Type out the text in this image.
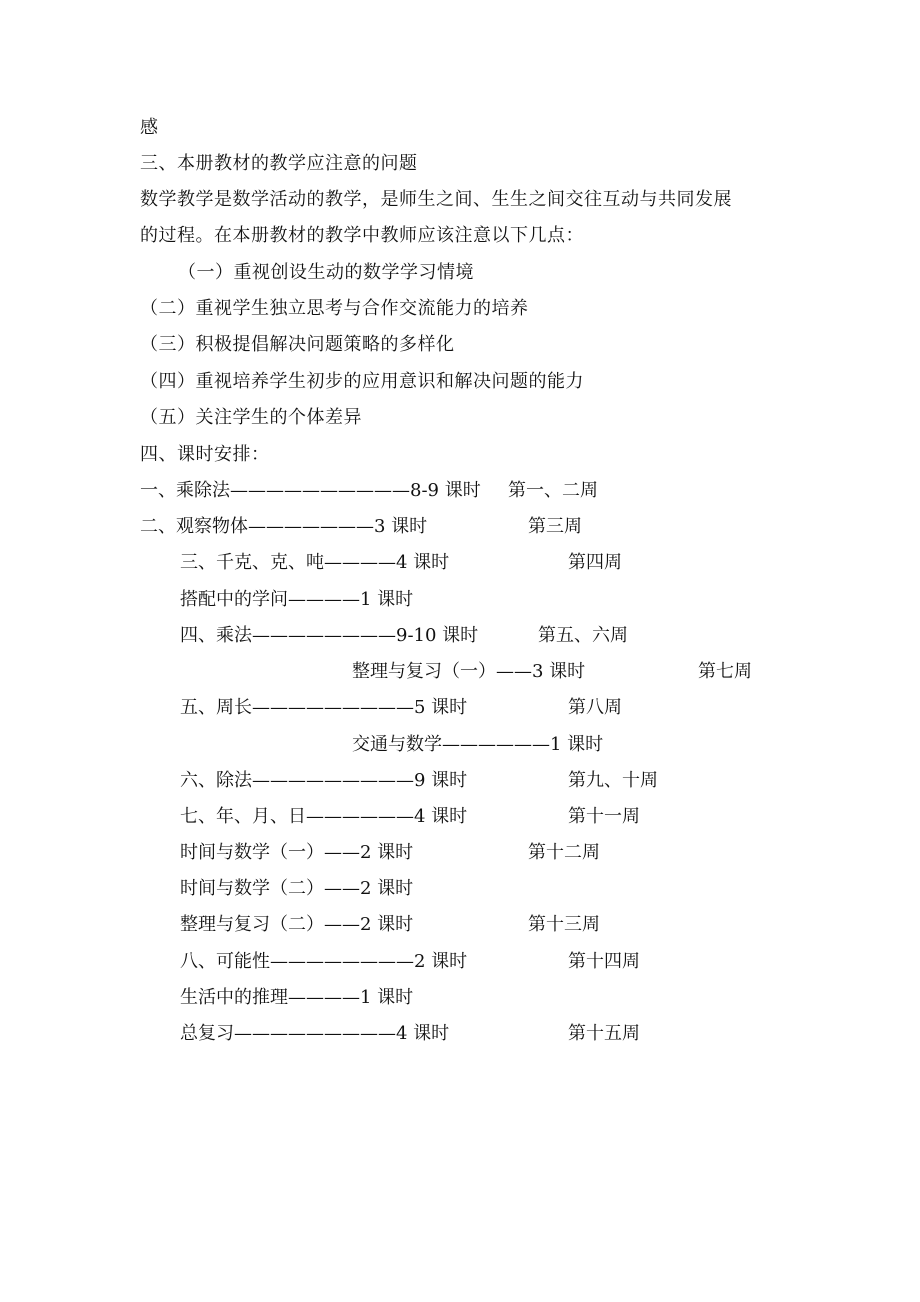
感
三、本册教材的教学应注意的问题
数学教学是数学活动的教学，是师生之间、生生之间交往互动与共同发展
的过程。在本册教材的教学中教师应该注意以下几点：
（一）重视创设生动的数学学习情境
（二）重视学生独立思考与合作交流能力的培养
（三）积极提倡解决问题策略的多样化
（四）重视培养学生初步的应用意识和解决问题的能力
（五）关注学生的个体差异
四、课时安排：
一、乘除法——————————8-9 课时 第一、二周
二、观察物体———————3 课时	第三周
三、千克、克、吨————4 课时	第四周
搭配中的学问————1 课时
四、乘法————————9-10 课时	第五、六周
整理与复习（一）——3 课时	第七周
五、周长—————————5 课时	第八周
交通与数学——————1 课时
六、除法—————————9 课时	第九、十周
七、年、月、日——————4 课时	第十一周
时间与数学（一）——2 课时	第十二周
时间与数学（二）——2 课时
整理与复习（二）——2 课时	第十三周
八、可能性————————2 课时	第十四周
生活中的推理————1 课时
总复习—————————4 课时	第十五周
